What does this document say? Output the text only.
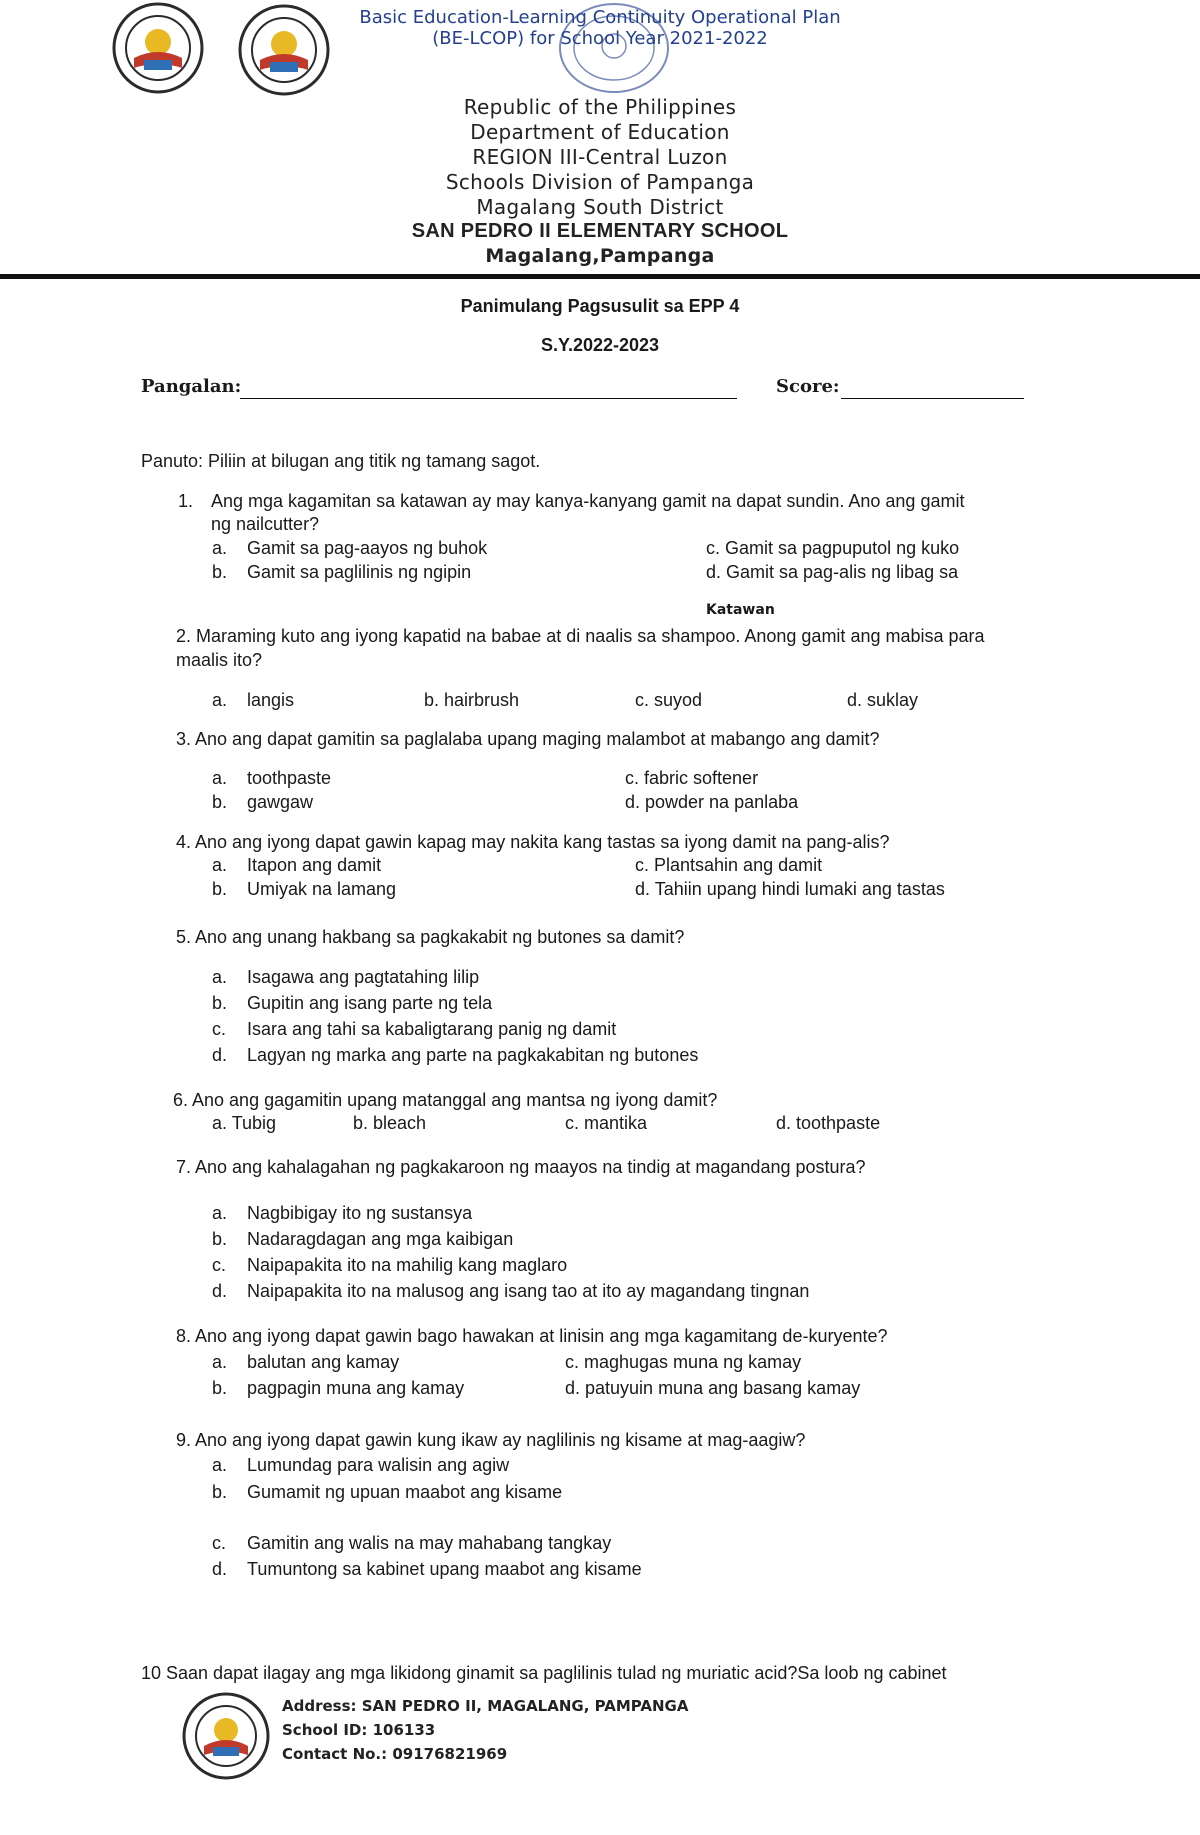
Basic Education-Learning Continuity Operational Plan
(BE-LCOP) for School Year 2021-2022
Republic of the Philippines
Department of Education
REGION III-Central Luzon
Schools Division of Pampanga
Magalang South District
SAN PEDRO II ELEMENTARY SCHOOL
Magalang,Pampanga
Panimulang Pagsusulit sa EPP 4
S.Y.2022-2023
Pangalan:	Score:
Panuto: Piliin at bilugan ang titik ng tamang sagot.
1. Ang mga kagamitan sa katawan ay may kanya-kanyang gamit na dapat sundin. Ano ang gamit
ng nailcutter?
a. Gamit sa pag-aayos ng buhok
b. Gamit sa paglilinis ng ngipin
c. Gamit sa pagpuputol ng kuko
d. Gamit sa pag-alis ng libag sa
Katawan
2. Maraming kuto ang iyong kapatid na babae at di naalis sa shampoo. Anong gamit ang mabisa para
maalis ito?
a. langis	b. hairbrush	c. suyod	d. suklay
3. Ano ang dapat gamitin sa paglalaba upang maging malambot at mabango ang damit?
a. toothpaste
b. gawgaw
c. fabric softener
d. powder na panlaba
4. Ano ang iyong dapat gawin kapag may nakita kang tastas sa iyong damit na pang-alis?
a. Itapon ang damit
b. Umiyak na lamang
c. Plantsahin ang damit
d. Tahiin upang hindi lumaki ang tastas
5. Ano ang unang hakbang sa pagkakabit ng butones sa damit?
a. Isagawa ang pagtatahing lilip
b. Gupitin ang isang parte ng tela
c. Isara ang tahi sa kabaligtarang panig ng damit
d. Lagyan ng marka ang parte na pagkakabitan ng butones
6. Ano ang gagamitin upang matanggal ang mantsa ng iyong damit?
a. Tubig	b. bleach	c. mantika	d. toothpaste
7. Ano ang kahalagahan ng pagkakaroon ng maayos na tindig at magandang postura?
a. Nagbibigay ito ng sustansya
b. Nadaragdagan ang mga kaibigan
c. Naipapakita ito na mahilig kang maglaro
d. Naipapakita ito na malusog ang isang tao at ito ay magandang tingnan
8. Ano ang iyong dapat gawin bago hawakan at linisin ang mga kagamitang de-kuryente?
a. balutan ang kamay
b. pagpagin muna ang kamay
c. maghugas muna ng kamay
d. patuyuin muna ang basang kamay
9. Ano ang iyong dapat gawin kung ikaw ay naglilinis ng kisame at mag-aagiw?
a. Lumundag para walisin ang agiw
b. Gumamit ng upuan maabot ang kisame
c. Gamitin ang walis na may mahabang tangkay
d. Tumuntong sa kabinet upang maabot ang kisame
10 Saan dapat ilagay ang mga likidong ginamit sa paglilinis tulad ng muriatic acid?Sa loob ng cabinet
Address: SAN PEDRO II, MAGALANG, PAMPANGA
School ID: 106133
Contact No.: 09176821969
